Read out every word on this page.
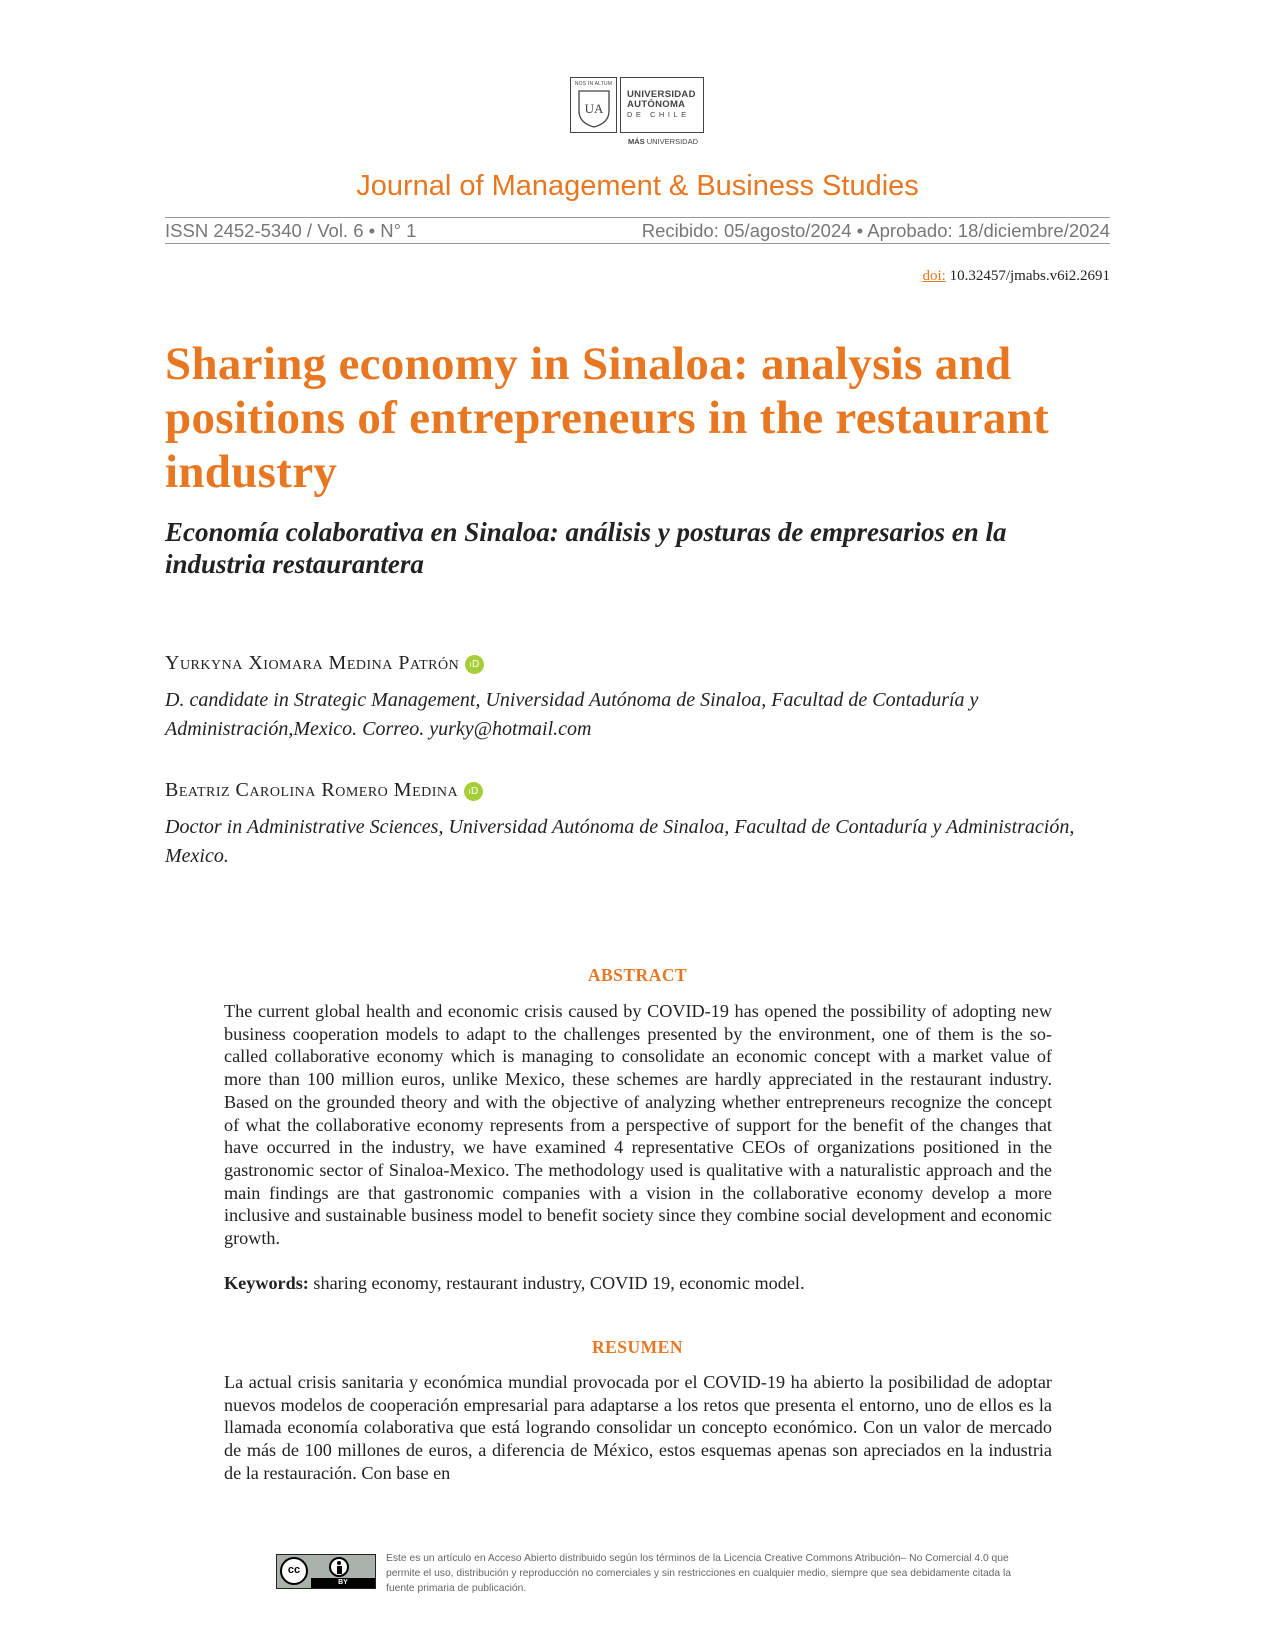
NOS IN ALTUM
UA
UNIVERSIDAD
AUTÓNOMA
DE CHILE
MÁS UNIVERSIDAD
Journal of Management & Business Studies
ISSN 2452-5340 / Vol. 6 • N° 1	Recibido: 05/agosto/2024 • Aprobado: 18/diciembre/2024
doi: 10.32457/jmabs.v6i2.2691
Sharing economy in Sinaloa: analysis and positions of entrepreneurs in the restaurant industry
Economía colaborativa en Sinaloa: análisis y posturas de empresarios en la industria restaurantera
Yurkyna Xiomara Medina Patrón iD
D. candidate in Strategic Management, Universidad Autónoma de Sinaloa, Facultad de Contaduría y Administración,Mexico. Correo. yurky@hotmail.com
Beatriz Carolina Romero Medina iD
Doctor in Administrative Sciences, Universidad Autónoma de Sinaloa, Facultad de Contaduría y Administración, Mexico.
ABSTRACT

The current global health and economic crisis caused by COVID-19 has opened the possibility of adopting new business cooperation models to adapt to the challenges presented by the environment, one of them is the so-called collaborative economy which is managing to consolidate an economic concept with a market value of more than 100 million euros, unlike Mexico, these schemes are hardly appreciated in the restaurant industry. Based on the grounded theory and with the objective of analyzing whether entrepreneurs recognize the concept of what the collaborative economy represents from a perspective of support for the benefit of the changes that have occurred in the industry, we have examined 4 representative CEOs of organizations positioned in the gastronomic sector of Sinaloa-Mexico. The methodology used is qualitative with a naturalistic approach and the main findings are that gastronomic companies with a vision in the collaborative economy develop a more inclusive and sustainable business model to benefit society since they combine social development and economic growth.

Keywords: sharing economy, restaurant industry, COVID 19, economic model.
RESUMEN

La actual crisis sanitaria y económica mundial provocada por el COVID-19 ha abierto la posibilidad de adoptar nuevos modelos de cooperación empresarial para adaptarse a los retos que presenta el entorno, uno de ellos es la llamada economía colaborativa que está logrando consolidar un concepto económico. Con un valor de mercado de más de 100 millones de euros, a diferencia de México, estos esquemas apenas son apreciados en la industria de la restauración. Con base en

cc
BY
Este es un artículo en Acceso Abierto distribuido según los términos de la Licencia Creative Commons Atribución– No Comercial 4.0 que permite el uso, distribución y reproducción no comerciales y sin restricciones en cualquier medio, siempre que sea debidamente citada la fuente primaria de publicación.
